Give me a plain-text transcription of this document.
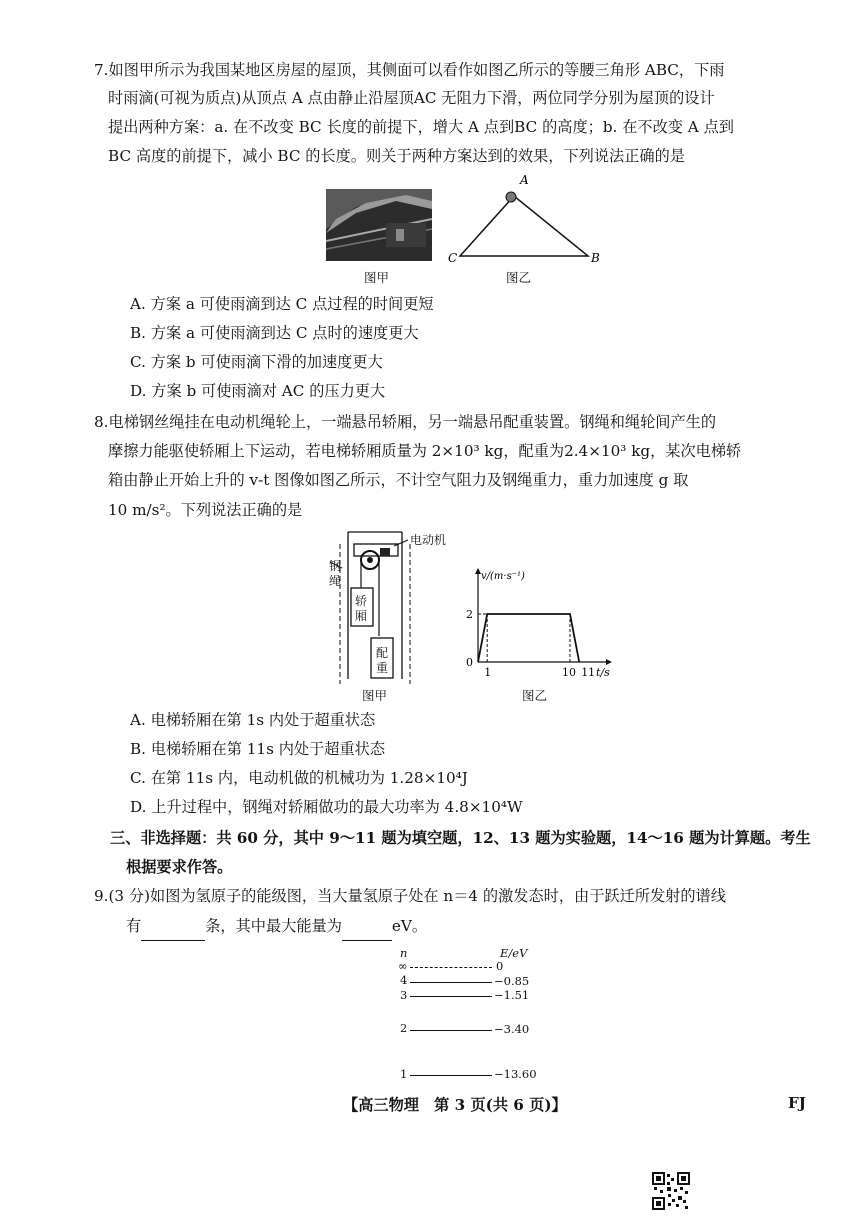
7.如图甲所示为我国某地区房屋的屋顶，其侧面可以看作如图乙所示的等腰三角形 ABC，下雨

时雨滴(可视为质点)从顶点 A 点由静止沿屋顶AC 无阻力下滑，两位同学分别为屋顶的设计

提出两种方案：a. 在不改变 BC 长度的前提下，增大 A 点到BC 的高度；b. 在不改变 A 点到

BC 高度的前提下，减小 BC 的长度。则关于两种方案达到的效果，下列说法正确的是

图甲
A
C	B
图乙

A. 方案 a 可使雨滴到达 C 点过程的时间更短

B. 方案 a 可使雨滴到达 C 点时的速度更大

C. 方案 b 可使雨滴下滑的加速度更大

D. 方案 b 可使雨滴对 AC 的压力更大

8.电梯钢丝绳挂在电动机绳轮上，一端悬吊轿厢，另一端悬吊配重装置。钢绳和绳轮间产生的

摩擦力能驱使轿厢上下运动，若电梯轿厢质量为 2×10³ kg，配重为2.4×10³ kg，某次电梯轿

箱由静止开始上升的 v-t 图像如图乙所示，不计空气阻力及钢绳重力，重力加速度 g 取

10 m/s²。下列说法正确的是

电动机
钢
绳
轿
厢
配
重
图甲
v/(m·s⁻¹)
t/s
2
0
1	10 11
图乙

A. 电梯轿厢在第 1s 内处于超重状态

B. 电梯轿厢在第 11s 内处于超重状态

C. 在第 11s 内，电动机做的机械功为 1.28×10⁴J

D. 上升过程中，钢绳对轿厢做功的最大功率为 4.8×10⁴W

三、非选择题：共 60 分，其中 9～11 题为填空题，12、13 题为实验题，14～16 题为计算题。考生

根据要求作答。

9.(3 分)如图为氢原子的能级图，当大量氢原子处在 n＝4 的激发态时，由于跃迁所发射的谱线

有	条，其中最大能量为	eV。

n	E/eV
∞	0
4	−0.85
3	−1.51
2	−3.40
1	−13.60
【高三物理　第 3 页(共 6 页)】	FJ
